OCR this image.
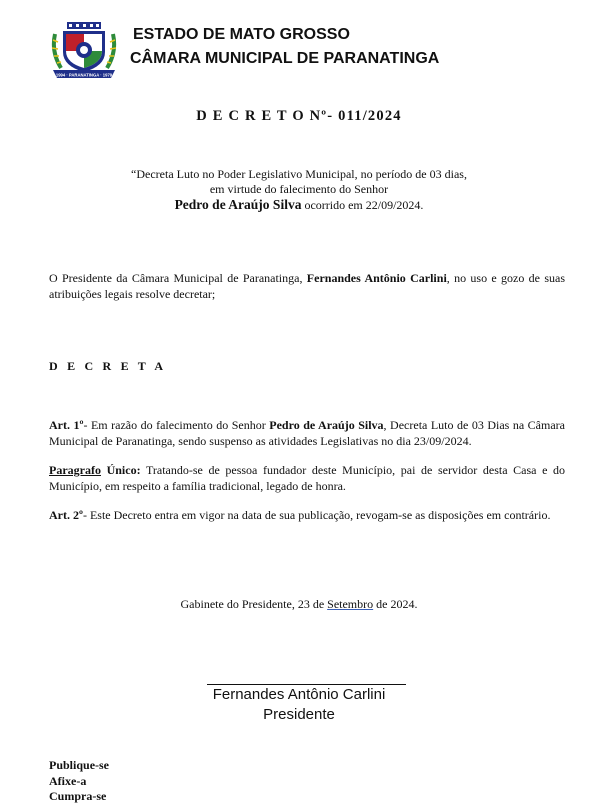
1994 · PARANATINGA · 1979
ESTADO DE MATO GROSSO
CÂMARA MUNICIPAL DE PARANATINGA
D E C R E T O Nº- 011/2024
“Decreta Luto no Poder Legislativo Municipal, no período de 03 dias,
em virtude do falecimento do Senhor
Pedro de Araújo Silva ocorrido em 22/09/2024.
O Presidente da Câmara Municipal de Paranatinga, Fernandes Antônio Carlini, no uso e gozo de suas atribuições legais resolve decretar;
D E C R E T A
Art. 1º- Em razão do falecimento do Senhor Pedro de Araújo Silva, Decreta Luto de 03 Dias na Câmara Municipal de Paranatinga, sendo suspenso as atividades Legislativas no dia 23/09/2024.
Paragrafo Único: Tratando-se de pessoa fundador deste Município, pai de servidor desta Casa e do Município, em respeito a família tradicional, legado de honra.
Art. 2º- Este Decreto entra em vigor na data de sua publicação, revogam-se as disposições em contrário.
Gabinete do Presidente, 23 de Setembro de 2024.
Fernandes Antônio Carlini
Presidente
Publique-se
Afixe-a
Cumpra-se
